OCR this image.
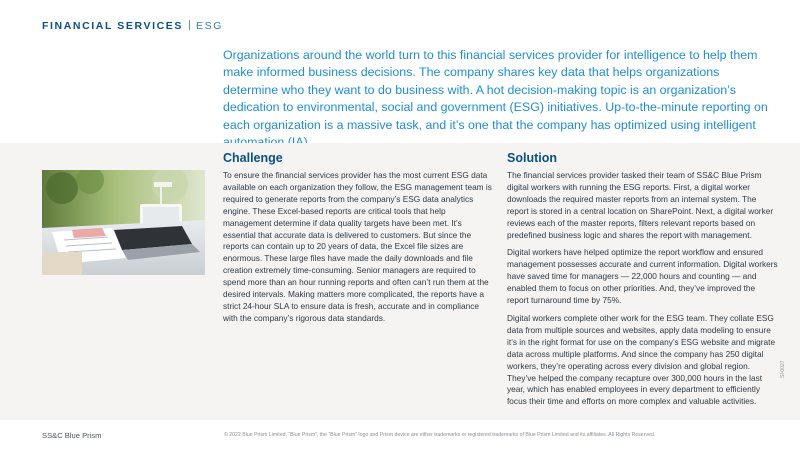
FINANCIAL SERVICES ESG
Organizations around the world turn to this financial services provider for intelligence to help them make informed business decisions. The company shares key data that helps organizations determine who they want to do business with. A hot decision-making topic is an organization’s dedication to environmental, social and government (ESG) initiatives. Up-to-the-minute reporting on each organization is a massive task, and it’s one that the company has optimized using intelligent
Challenge

To ensure the financial services provider has the most current ESG data available on each organization they follow, the ESG management team is required to generate reports from the company’s ESG data analytics engine. These Excel-based reports are critical tools that help management determine if data quality targets have been met. It’s essential that accurate data is delivered to customers. But since the reports can contain up to 20 years of data, the Excel file sizes are enormous. These large files have made the daily downloads and file creation extremely time-consuming. Senior managers are required to spend more than an hour running reports and often can’t run them at the desired intervals. Making matters more complicated, the reports have a strict 24-hour SLA to ensure data is fresh, accurate and in compliance with the company’s rigorous data standards.

Solution

The financial services provider tasked their team of SS&C Blue Prism digital workers with running the ESG reports. First, a digital worker downloads the required master reports from an internal system. The report is stored in a central location on SharePoint. Next, a digital worker reviews each of the master reports, filters relevant reports based on predefined business logic and shares the report with management.

Digital workers have helped optimize the report workflow and ensured management possesses accurate and current information. Digital workers have saved time for managers — 22,000 hours and counting — and enabled them to focus on other priorities. And, they’ve improved the report turnaround time by 75%.

Digital workers complete other work for the ESG team. They collate ESG data from multiple sources and websites, apply data modeling to ensure it’s in the right format for use on the company’s ESG website and migrate data across multiple platforms. And since the company has 250 digital workers, they’re operating across every division and global region. They’ve helped the company recapture over 300,000 hours in the last year, which has enabled employees in every department to efficiently focus their time and efforts on more complex and valuable activities.

SI-0027
SS&C Blue Prism	© 2022 Blue Prism Limited. “Blue Prism”, the “Blue Prism” logo and Prism device are either trademarks or registered trademarks of Blue Prism Limited and its affiliates. All Rights Reserved.
